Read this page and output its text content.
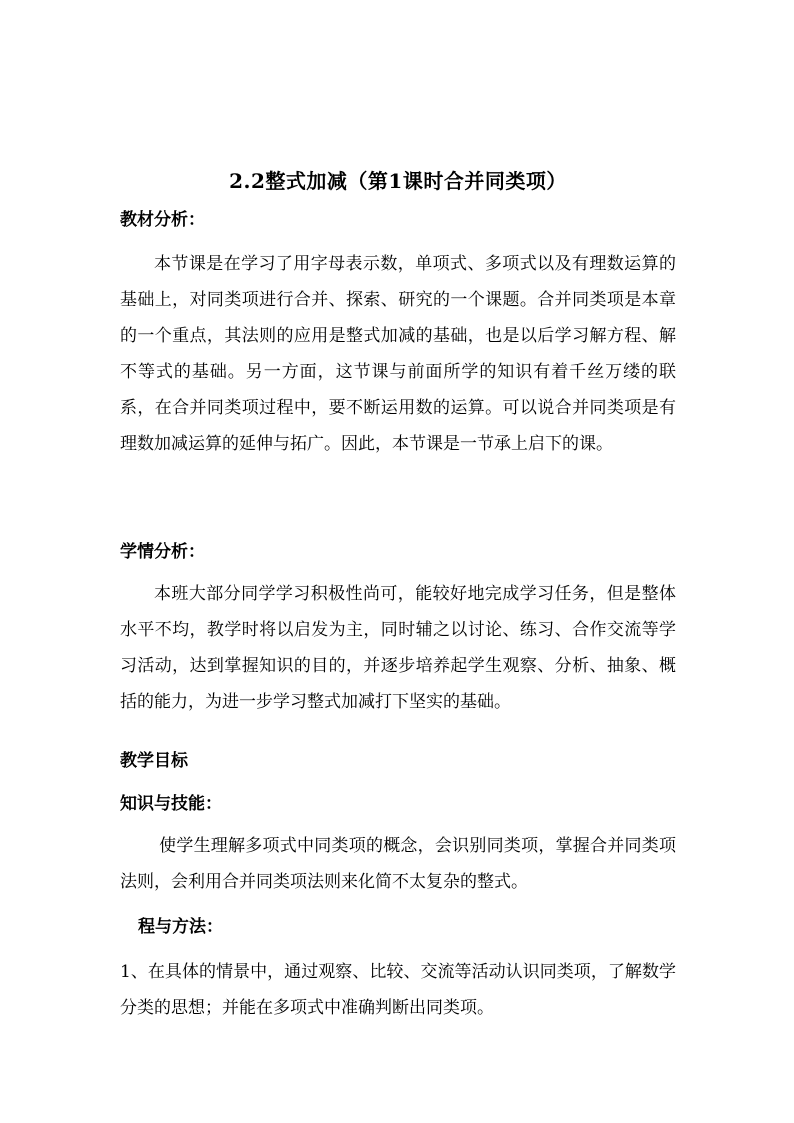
2.2整式加减（第1课时合并同类项）
教材分析：

本节课是在学习了用字母表示数，单项式、多项式以及有理数运算的基础上，对同类项进行合并、探索、研究的一个课题。合并同类项是本章的一个重点，其法则的应用是整式加减的基础，也是以后学习解方程、解不等式的基础。另一方面，这节课与前面所学的知识有着千丝万缕的联系，在合并同类项过程中，要不断运用数的运算。可以说合并同类项是有理数加减运算的延伸与拓广。因此，本节课是一节承上启下的课。

学情分析：

本班大部分同学学习积极性尚可，能较好地完成学习任务，但是整体水平不均，教学时将以启发为主，同时辅之以讨论、练习、合作交流等学习活动，达到掌握知识的目的，并逐步培养起学生观察、分析、抽象、概括的能力，为进一步学习整式加减打下坚实的基础。

教学目标
知识与技能：

使学生理解多项式中同类项的概念，会识别同类项，掌握合并同类项法则，会利用合并同类项法则来化简不太复杂的整式。

程与方法：

1、在具体的情景中，通过观察、比较、交流等活动认识同类项，了解数学分类的思想；并能在多项式中准确判断出同类项。
